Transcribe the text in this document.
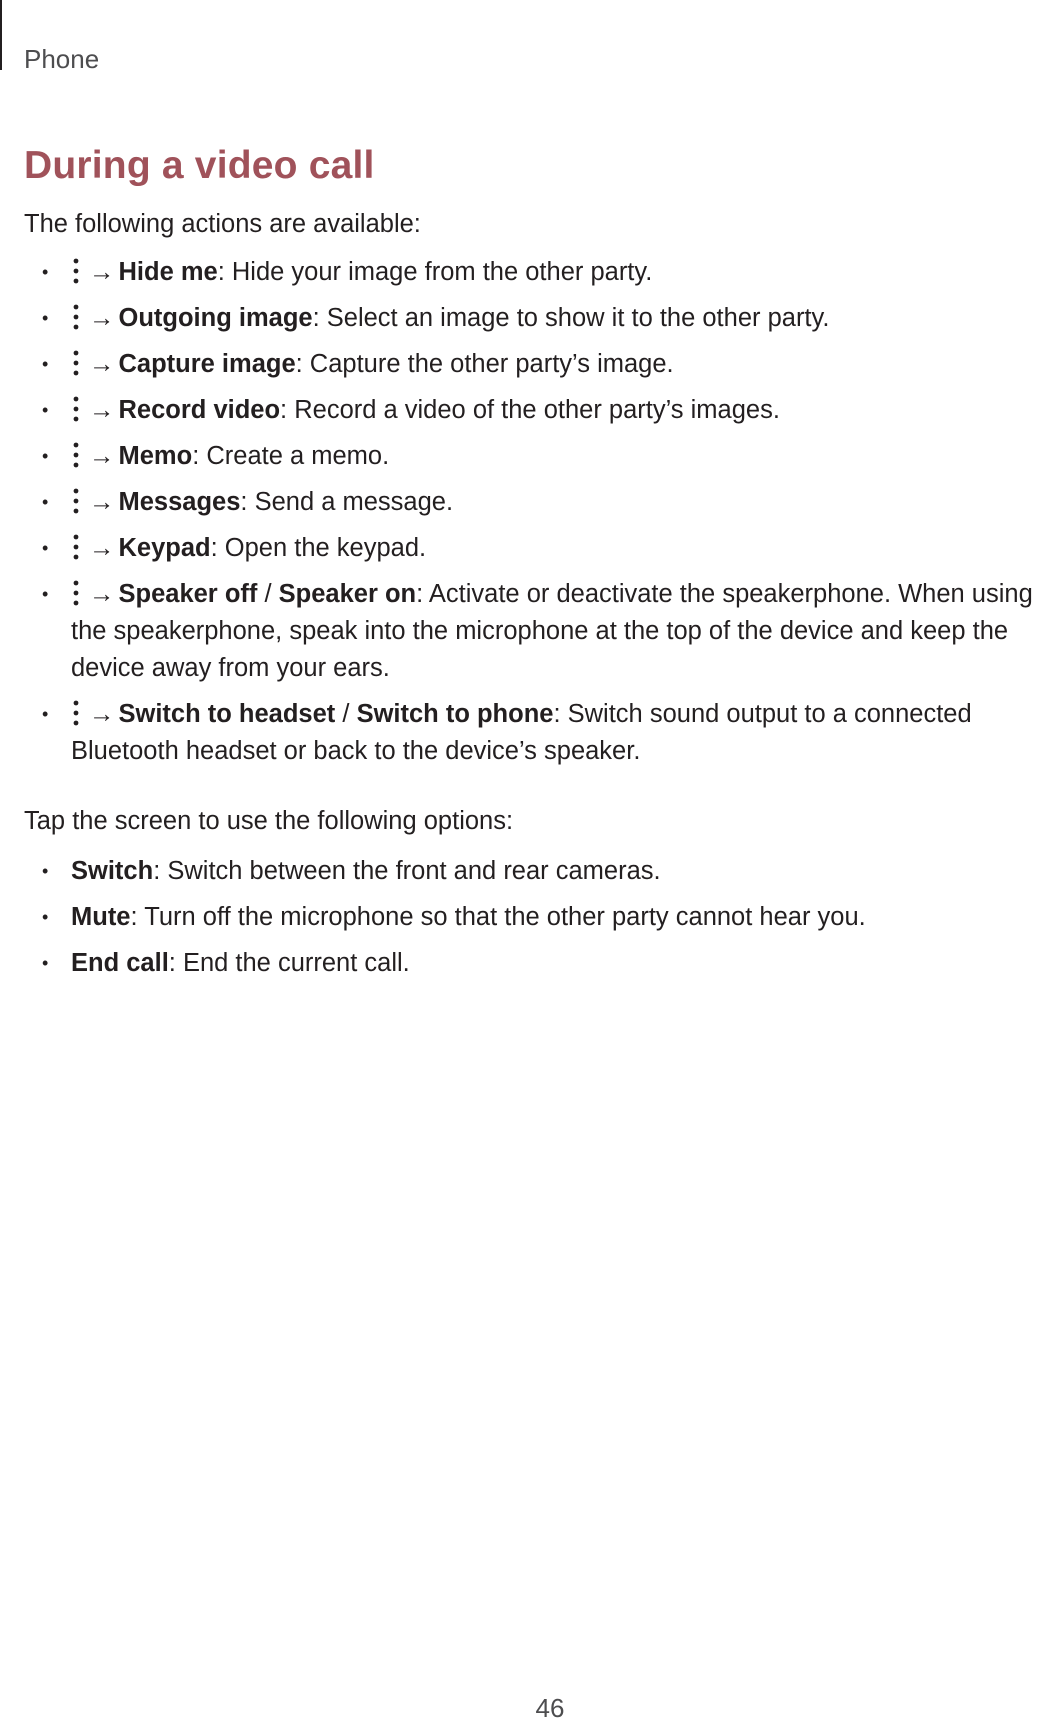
Phone
During a video call
The following actions are available:
• → Hide me: Hide your image from the other party.
• → Outgoing image: Select an image to show it to the other party.
• → Capture image: Capture the other party’s image.
• → Record video: Record a video of the other party’s images.
• → Memo: Create a memo.
• → Messages: Send a message.
• → Keypad: Open the keypad.
• → Speaker off / Speaker on: Activate or deactivate the speakerphone. When using the speakerphone, speak into the microphone at the top of the device and keep the device away from your ears.
• → Switch to headset / Switch to phone: Switch sound output to a connected Bluetooth headset or back to the device’s speaker.
Tap the screen to use the following options:
• Switch: Switch between the front and rear cameras.
• Mute: Turn off the microphone so that the other party cannot hear you.
• End call: End the current call.
46
